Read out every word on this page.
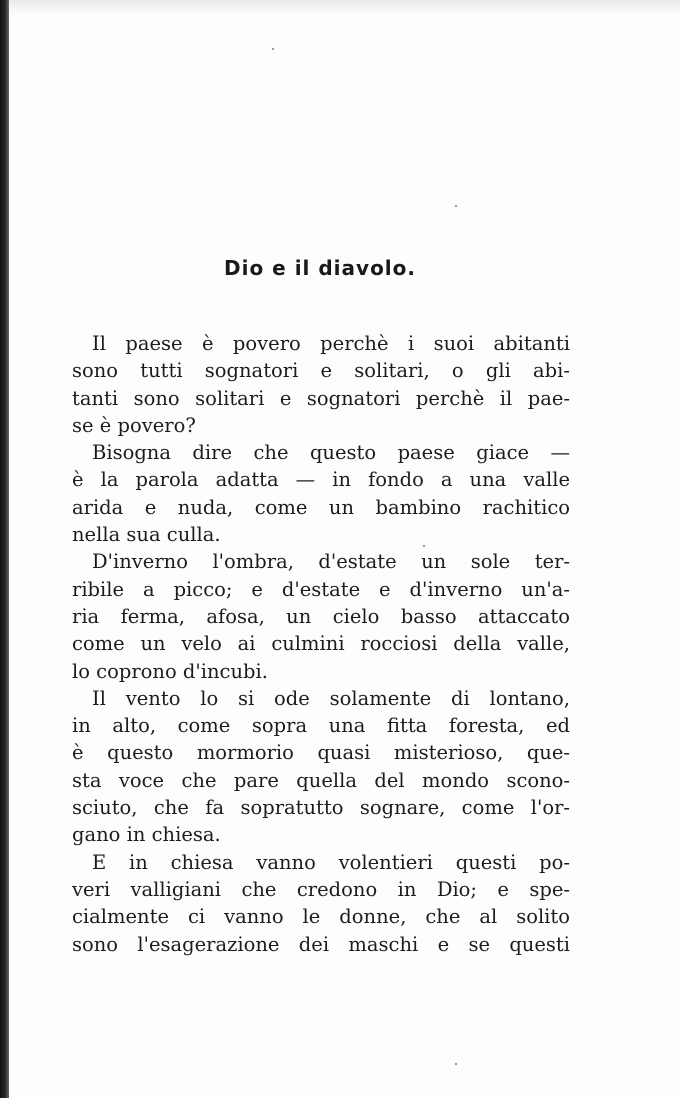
Dio e il diavolo.
Il paese è povero perchè i suoi abitanti
sono tutti sognatori e solitari, o gli abi-
tanti sono solitari e sognatori perchè il pae-
se è povero?
Bisogna dire che questo paese giace —
è la parola adatta — in fondo a una valle
arida e nuda, come un bambino rachitico
nella sua culla.
D'inverno l'ombra, d'estate un sole ter-
ribile a picco; e d'estate e d'inverno un'a-
ria ferma, afosa, un cielo basso attaccato
come un velo ai culmini rocciosi della valle,
lo coprono d'incubi.
Il vento lo si ode solamente di lontano,
in alto, come sopra una fitta foresta, ed
è questo mormorio quasi misterioso, que-
sta voce che pare quella del mondo scono-
sciuto, che fa sopratutto sognare, come l'or-
gano in chiesa.
E in chiesa vanno volentieri questi po-
veri valligiani che credono in Dio; e spe-
cialmente ci vanno le donne, che al solito
sono l'esagerazione dei maschi e se questi
